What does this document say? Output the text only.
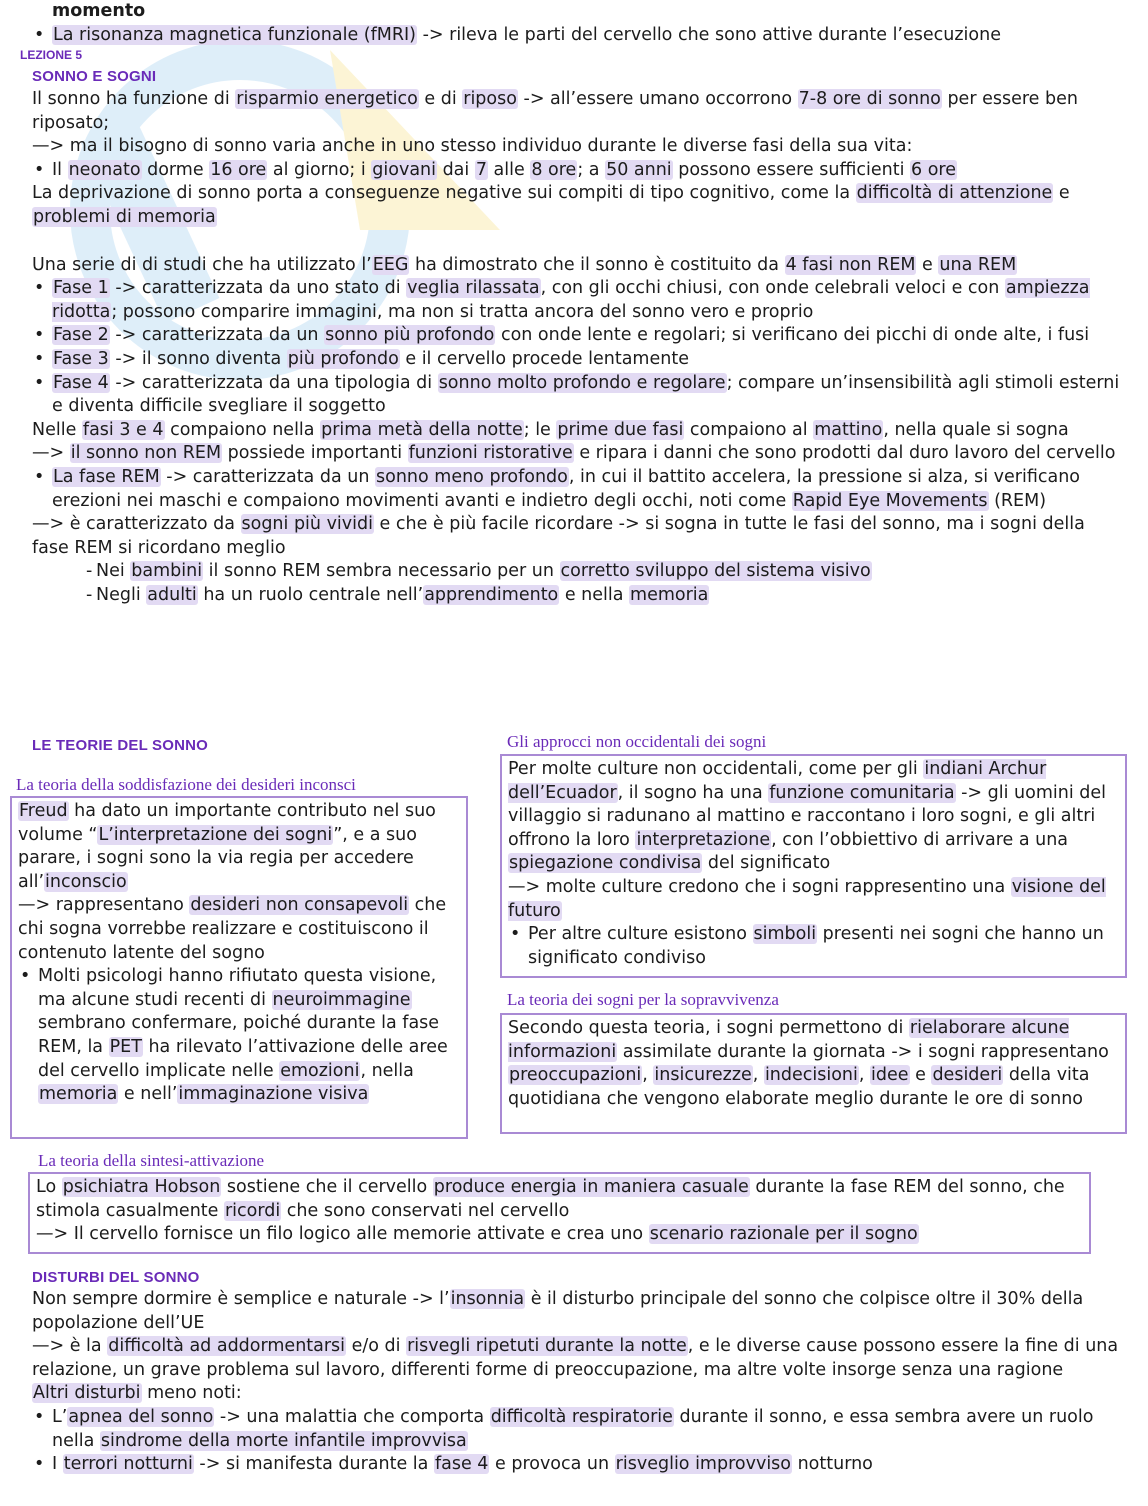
momento

• La risonanza magnetica funzionale (fMRI) -> rileva le parti del cervello che sono attive durante l’esecuzione
LEZIONE 5
SONNO E SOGNI

Il sonno ha funzione di risparmio energetico e di riposo -> all’essere umano occorrono 7-8 ore di sonno per essere ben riposato;

—> ma il bisogno di sonno varia anche in uno stesso individuo durante le diverse fasi della sua vita:

• Il neonato dorme 16 ore al giorno; i giovani dai 7 alle 8 ore; a 50 anni possono essere sufficienti 6 ore

La deprivazione di sonno porta a conseguenze negative sui compiti di tipo cognitivo, come la difficoltà di attenzione e problemi di memoria

Una serie di di studi che ha utilizzato l’EEG ha dimostrato che il sonno è costituito da 4 fasi non REM e una REM

• Fase 1 -> caratterizzata da uno stato di veglia rilassata, con gli occhi chiusi, con onde celebrali veloci e con ampiezza ridotta; possono comparire immagini, ma non si tratta ancora del sonno vero e proprio
• Fase 2 -> caratterizzata da un sonno più profondo con onde lente e regolari; si verificano dei picchi di onde alte, i fusi
• Fase 3 -> il sonno diventa più profondo e il cervello procede lentamente
• Fase 4 -> caratterizzata da una tipologia di sonno molto profondo e regolare; compare un’insensibilità agli stimoli esterni e diventa difficile svegliare il soggetto

Nelle fasi 3 e 4 compaiono nella prima metà della notte; le prime due fasi compaiono al mattino, nella quale si sogna

—> il sonno non REM possiede importanti funzioni ristorative e ripara i danni che sono prodotti dal duro lavoro del cervello

• La fase REM -> caratterizzata da un sonno meno profondo, in cui il battito accelera, la pressione si alza, si verificano erezioni nei maschi e compaiono movimenti avanti e indietro degli occhi, noti come Rapid Eye Movements (REM)

—> è caratterizzato da sogni più vividi e che è più facile ricordare -> si sogna in tutte le fasi del sonno, ma i sogni della fase REM si ricordano meglio

- Nei bambini il sonno REM sembra necessario per un corretto sviluppo del sistema visivo
- Negli adulti ha un ruolo centrale nell’apprendimento e nella memoria
LE TEORIE DEL SONNO
La teoria della soddisfazione dei desideri inconsci

Freud ha dato un importante contributo nel suo volume “L’interpretazione dei sogni”, e a suo parare, i sogni sono la via regia per accedere all’inconscio

—> rappresentano desideri non consapevoli che chi sogna vorrebbe realizzare e costituiscono il contenuto latente del sogno

• Molti psicologi hanno rifiutato questa visione, ma alcune studi recenti di neuroimmagine sembrano confermare, poiché durante la fase REM, la PET ha rilevato l’attivazione delle aree del cervello implicate nelle emozioni, nella memoria e nell’immaginazione visiva
Gli approcci non occidentali dei sogni

Per molte culture non occidentali, come per gli indiani Archur dell’Ecuador, il sogno ha una funzione comunitaria -> gli uomini del villaggio si radunano al mattino e raccontano i loro sogni, e gli altri offrono la loro interpretazione, con l’obbiettivo di arrivare a una spiegazione condivisa del significato

—> molte culture credono che i sogni rappresentino una visione del futuro

• Per altre culture esistono simboli presenti nei sogni che hanno un significato condiviso
La teoria dei sogni per la sopravvivenza

Secondo questa teoria, i sogni permettono di rielaborare alcune informazioni assimilate durante la giornata -> i sogni rappresentano preoccupazioni, insicurezze, indecisioni, idee e desideri della vita quotidiana che vengono elaborate meglio durante le ore di sonno

La teoria della sintesi-attivazione

Lo psichiatra Hobson sostiene che il cervello produce energia in maniera casuale durante la fase REM del sonno, che stimola casualmente ricordi che sono conservati nel cervello

—> Il cervello fornisce un filo logico alle memorie attivate e crea uno scenario razionale per il sogno

DISTURBI DEL SONNO

Non sempre dormire è semplice e naturale -> l’insonnia è il disturbo principale del sonno che colpisce oltre il 30% della popolazione dell’UE

—> è la difficoltà ad addormentarsi e/o di risvegli ripetuti durante la notte, e le diverse cause possono essere la fine di una relazione, un grave problema sul lavoro, differenti forme di preoccupazione, ma altre volte insorge senza una ragione

Altri disturbi meno noti:

• L’apnea del sonno -> una malattia che comporta difficoltà respiratorie durante il sonno, e essa sembra avere un ruolo nella sindrome della morte infantile improvvisa
• I terrori notturni -> si manifesta durante la fase 4 e provoca un risveglio improvviso notturno
